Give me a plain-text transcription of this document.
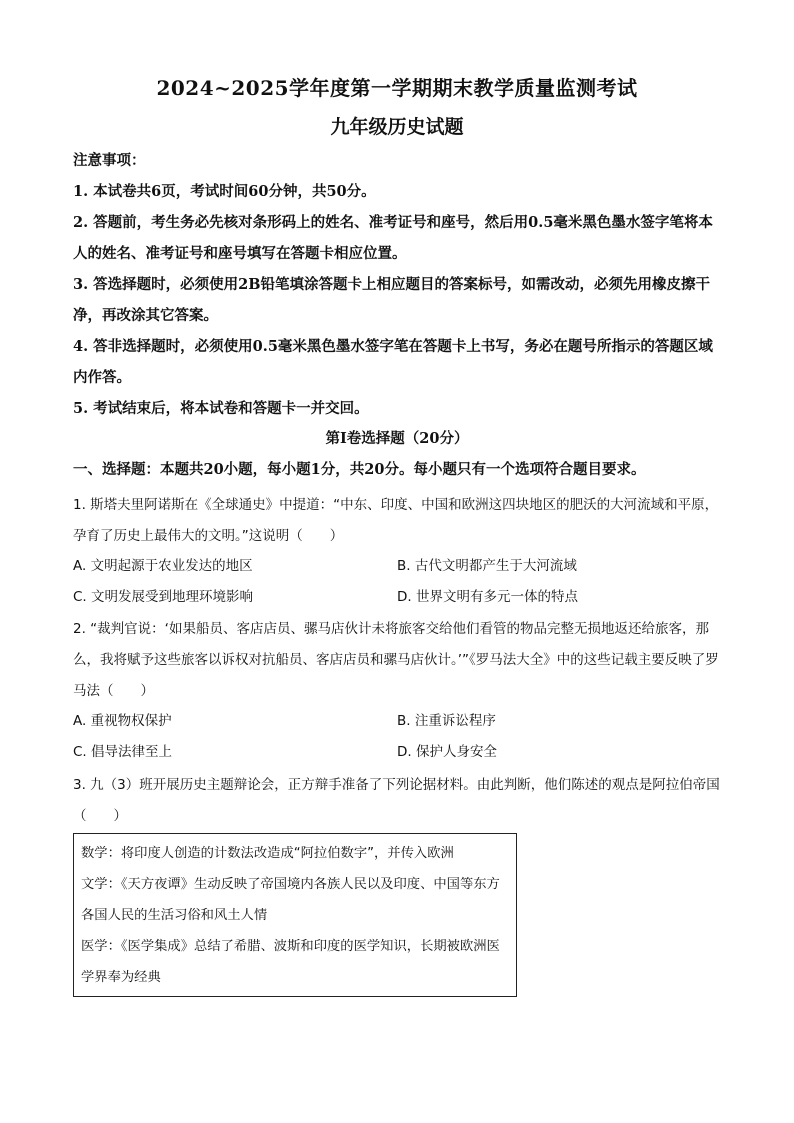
2024~2025学年度第一学期期末教学质量监测考试
九年级历史试题
注意事项：
1. 本试卷共6页，考试时间60分钟，共50分。
2. 答题前，考生务必先核对条形码上的姓名、准考证号和座号，然后用0.5毫米黑色墨水签字笔将本人的姓名、准考证号和座号填写在答题卡相应位置。
3. 答选择题时，必须使用2B铅笔填涂答题卡上相应题目的答案标号，如需改动，必须先用橡皮擦干净，再改涂其它答案。
4. 答非选择题时，必须使用0.5毫米黑色墨水签字笔在答题卡上书写，务必在题号所指示的答题区域内作答。
5. 考试结束后，将本试卷和答题卡一并交回。
第Ⅰ卷选择题（20分）
一、选择题：本题共20小题，每小题1分，共20分。每小题只有一个选项符合题目要求。
1. 斯塔夫里阿诺斯在《全球通史》中提道：“中东、印度、中国和欧洲这四块地区的肥沃的大河流域和平原，孕育了历史上最伟大的文明。”这说明（　　）
A. 文明起源于农业发达的地区	B. 古代文明都产生于大河流域
C. 文明发展受到地理环境影响	D. 世界文明有多元一体的特点
2. “裁判官说：‘如果船员、客店店员、骡马店伙计未将旅客交给他们看管的物品完整无损地返还给旅客，那么，我将赋予这些旅客以诉权对抗船员、客店店员和骡马店伙计。’”《罗马法大全》中的这些记载主要反映了罗马法（　　）
A. 重视物权保护	B. 注重诉讼程序
C. 倡导法律至上	D. 保护人身安全
3. 九（3）班开展历史主题辩论会，正方辩手准备了下列论据材料。由此判断，他们陈述的观点是阿拉伯帝国（　　）

数学：将印度人创造的计数法改造成“阿拉伯数字”，并传入欧洲

文学：《天方夜谭》生动反映了帝国境内各族人民以及印度、中国等东方各国人民的生活习俗和风土人情

医学：《医学集成》总结了希腊、波斯和印度的医学知识，长期被欧洲医学界奉为经典
